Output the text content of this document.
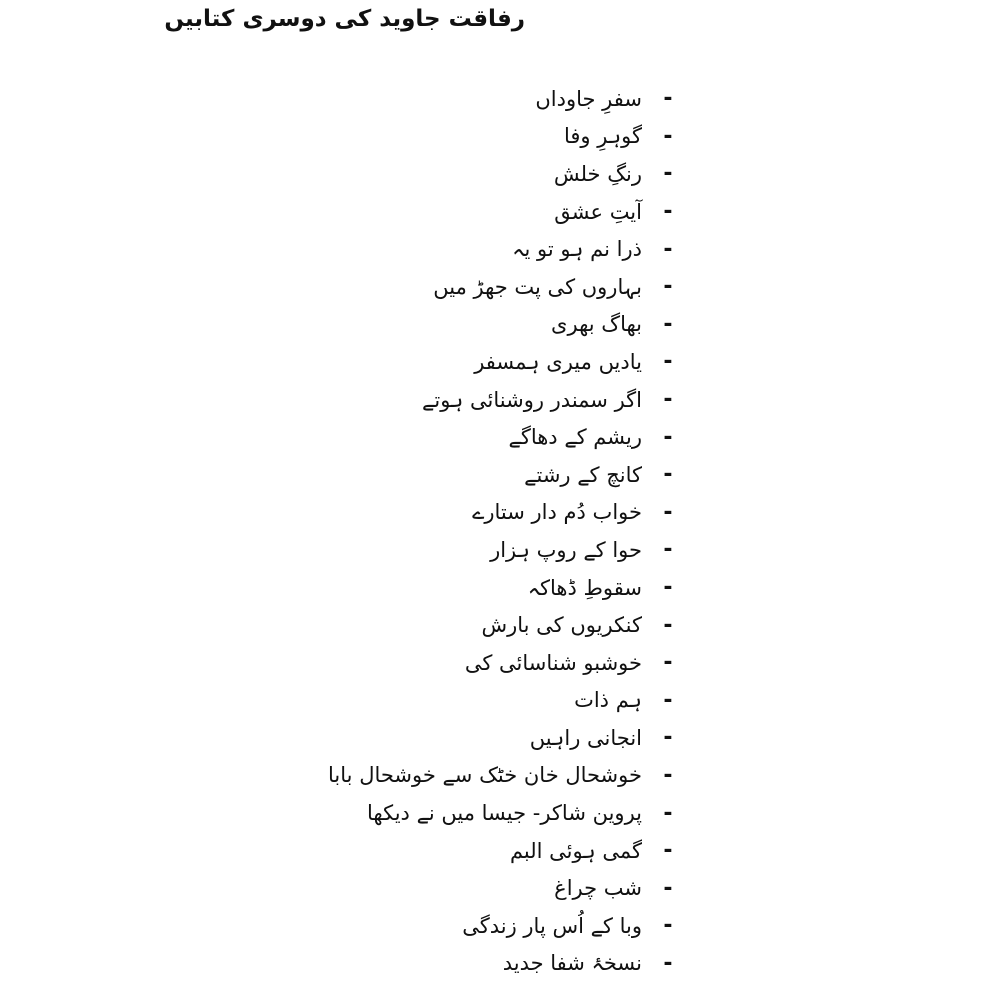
رفاقت جاوید کی دوسری کتابیں
-
سفرِ جاوداں
-
گوہرِ وفا
-
رنگِ خلش
-
آیتِ عشق
-
ذرا نم ہو تو یہ
-
بہاروں کی پت جھڑ میں
-
بھاگ بھری
-
یادیں میری ہمسفر
-
اگر سمندر روشنائی ہوتے
-
ریشم کے دھاگے
-
کانچ کے رشتے
-
خواب دُم دار ستارے
-
حوا کے روپ ہزار
-
سقوطِ ڈھاکہ
-
کنکریوں کی بارش
-
خوشبو شناسائی کی
-
ہم ذات
-
انجانی راہیں
-
خوشحال خان خٹک سے خوشحال بابا
-
پروین شاکر- جیسا میں نے دیکھا
-
گمی ہوئی البم
-
شب چراغ
-
وبا کے اُس پار زندگی
-
نسخۂ شفا جدید
